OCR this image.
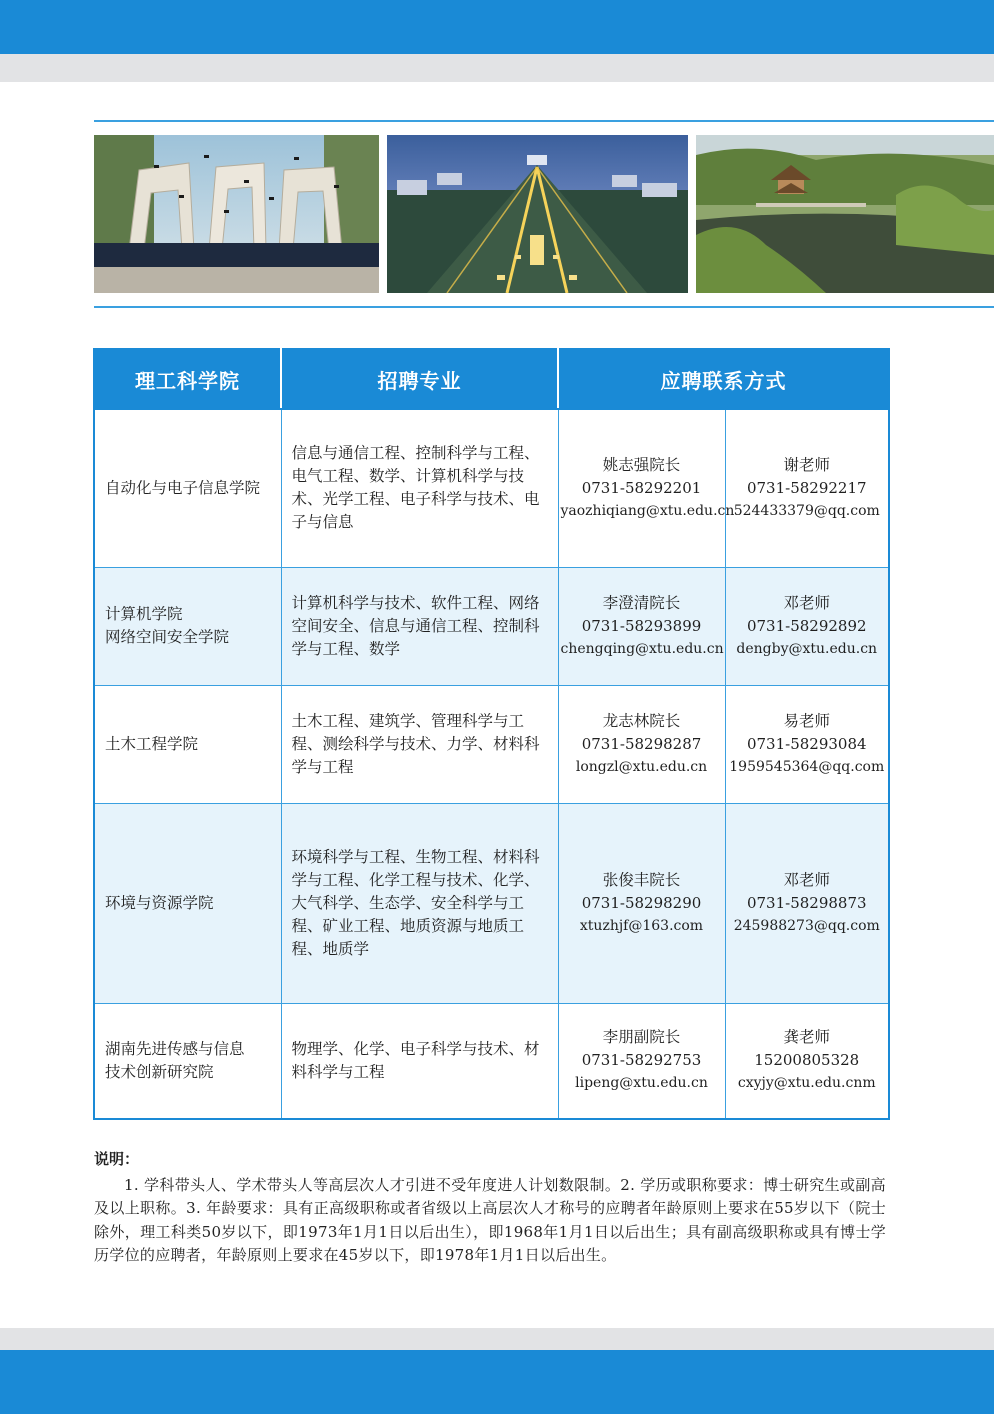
理工科学院	招聘专业	应聘联系方式	

自动化与电子信息学院	信息与通信工程、控制科学与工程、
电气工程、数学、计算机科学与技
术、光学工程、电子科学与技术、电
子与信息	姚志强院长
0731-58292201
yaozhiqiang@xtu.edu.cn	谢老师
0731-58292217
524433379@qq.com

计算机学院
网络空间安全学院	计算机科学与技术、软件工程、网络
空间安全、信息与通信工程、控制科
学与工程、数学	李澄清院长
0731-58293899
chengqing@xtu.edu.cn	邓老师
0731-58292892
dengby@xtu.edu.cn

土木工程学院	土木工程、建筑学、管理科学与工
程、测绘科学与技术、力学、材料科
学与工程	龙志林院长
0731-58298287
longzl@xtu.edu.cn	易老师
0731-58293084
1959545364@qq.com

环境与资源学院	环境科学与工程、生物工程、材料科
学与工程、化学工程与技术、化学、
大气科学、生态学、安全科学与工
程、矿业工程、地质资源与地质工
程、地质学	张俊丰院长
0731-58298290
xtuzhjf@163.com	邓老师
0731-58298873
245988273@qq.com

湖南先进传感与信息
技术创新研究院	物理学、化学、电子科学与技术、材
料科学与工程	李朋副院长
0731-58292753
lipeng@xtu.edu.cn	龚老师
15200805328
cxyjy@xtu.edu.cnm
说明：
1. 学科带头人、学术带头人等高层次人才引进不受年度进人计划数限制。2. 学历或职称要求：博士研究生或副高及以上职称。3. 年龄要求：具有正高级职称或者省级以上高层次人才称号的应聘者年龄原则上要求在55岁以下（院士除外，理工科类50岁以下，即1973年1月1日以后出生），即1968年1月1日以后出生；具有副高级职称或具有博士学历学位的应聘者，年龄原则上要求在45岁以下，即1978年1月1日以后出生。
